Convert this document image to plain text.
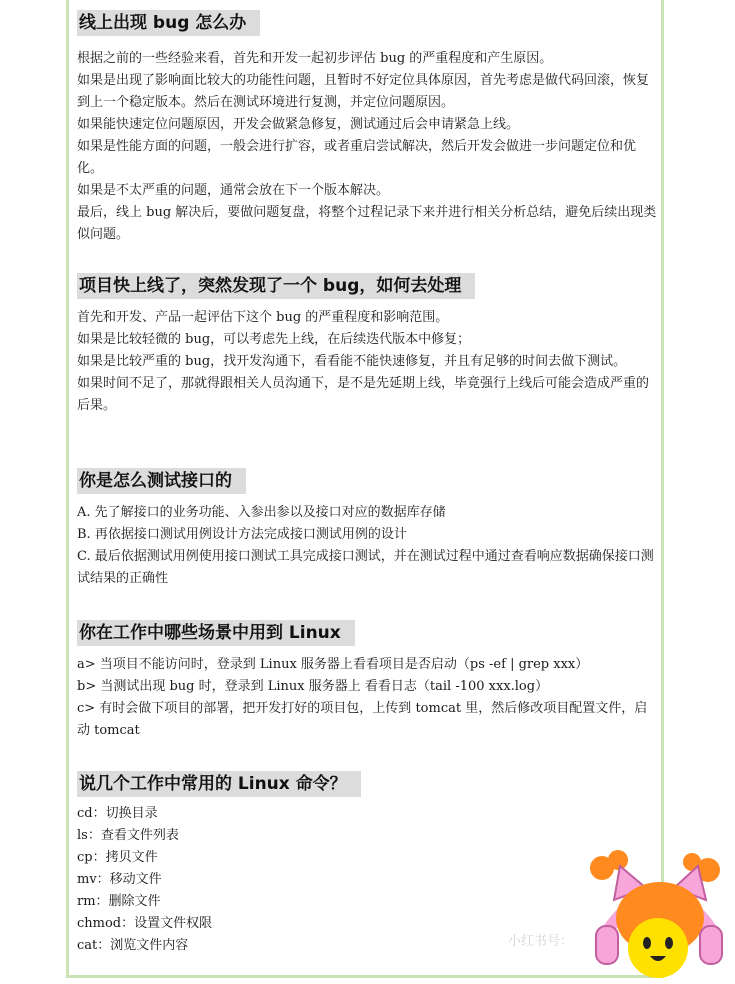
线上出现 bug 怎么办

根据之前的一些经验来看，首先和开发一起初步评估 bug 的严重程度和产生原因。

如果是出现了影响面比较大的功能性问题，且暂时不好定位具体原因，首先考虑是做代码回滚，恢复到上一个稳定版本。然后在测试环境进行复测，并定位问题原因。

如果能快速定位问题原因，开发会做紧急修复，测试通过后会申请紧急上线。

如果是性能方面的问题，一般会进行扩容，或者重启尝试解决，然后开发会做进一步问题定位和优化。

如果是不太严重的问题，通常会放在下一个版本解决。

最后，线上 bug 解决后，要做问题复盘，将整个过程记录下来并进行相关分析总结，避免后续出现类似问题。

项目快上线了，突然发现了一个 bug，如何去处理

首先和开发、产品一起评估下这个 bug 的严重程度和影响范围。

如果是比较轻微的 bug，可以考虑先上线，在后续迭代版本中修复；

如果是比较严重的 bug，找开发沟通下，看看能不能快速修复，并且有足够的时间去做下测试。

如果时间不足了，那就得跟相关人员沟通下，是不是先延期上线，毕竟强行上线后可能会造成严重的后果。

你是怎么测试接口的

A. 先了解接口的业务功能、入参出参以及接口对应的数据库存储

B. 再依据接口测试用例设计方法完成接口测试用例的设计

C. 最后依据测试用例使用接口测试工具完成接口测试，并在测试过程中通过查看响应数据确保接口测试结果的正确性

你在工作中哪些场景中用到 Linux

a> 当项目不能访问时，登录到 Linux 服务器上看看项目是否启动（ps -ef | grep xxx）

b> 当测试出现 bug 时，登录到 Linux 服务器上 看看日志（tail -100 xxx.log）

c> 有时会做下项目的部署，把开发打好的项目包，上传到 tomcat 里，然后修改项目配置文件，启动 tomcat

说几个工作中常用的 Linux 命令？

cd：切换目录

ls：查看文件列表

cp：拷贝文件

mv：移动文件

rm：删除文件

chmod：设置文件权限

cat：浏览文件内容	小红书号：
